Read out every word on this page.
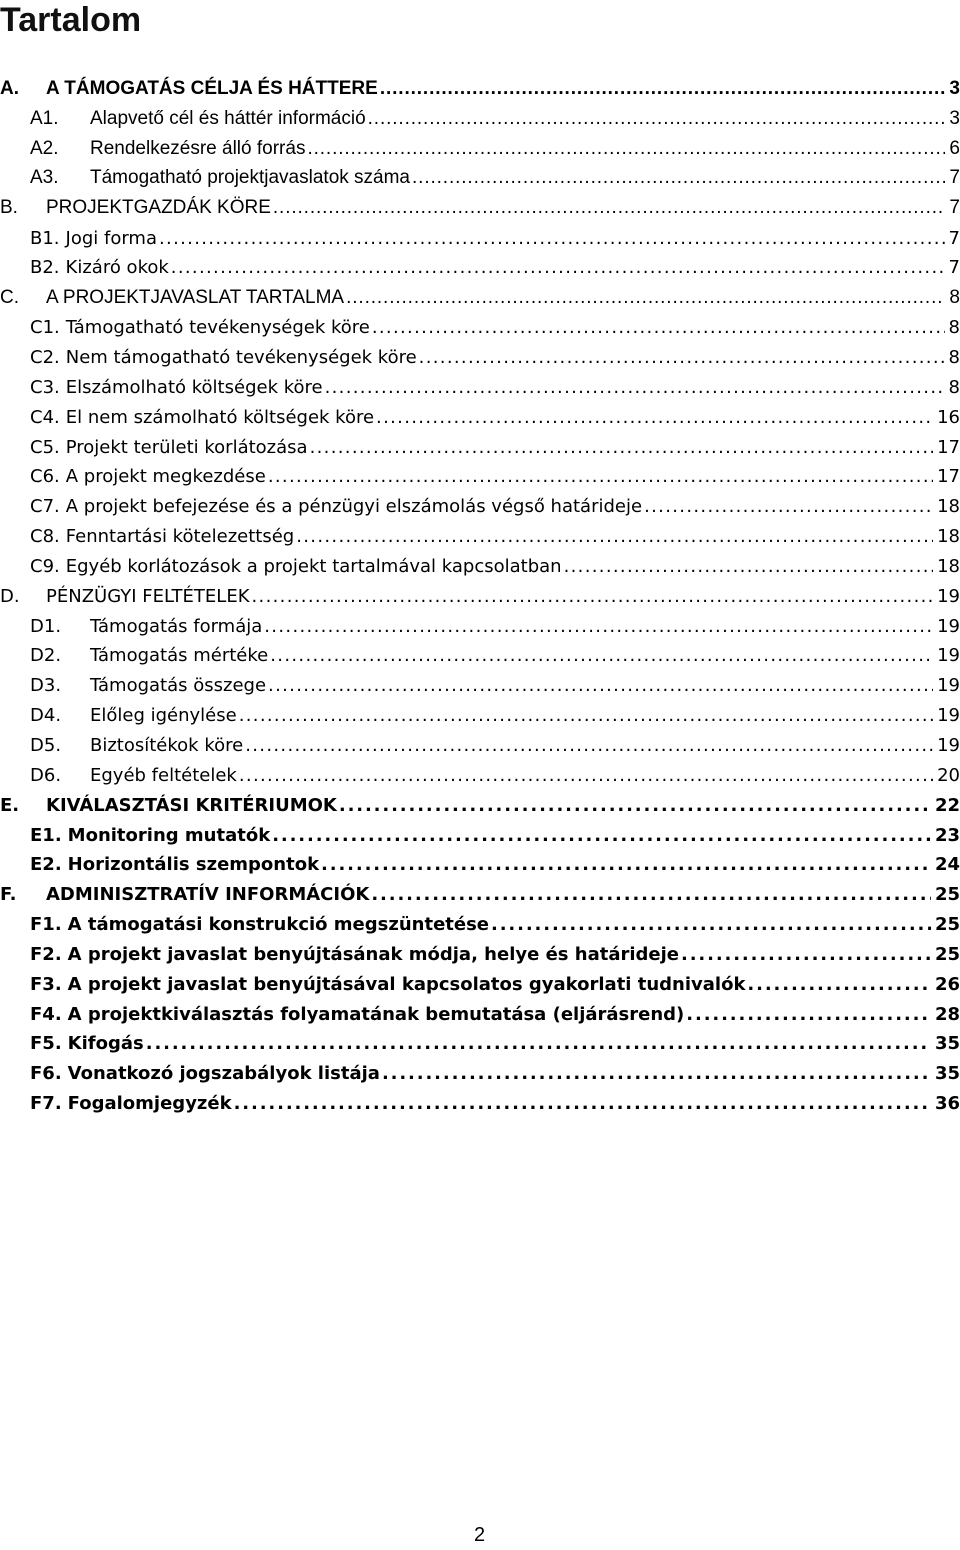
Tartalom
A.	A TÁMOGATÁS CÉLJA ÉS HÁTTERE . . .	3
A1.	Alapvető cél és háttér információ . . .	3
A2.	Rendelkezésre álló forrás . . .	6
A3.	Támogatható projektjavaslatok száma . . .	7
B.	PROJEKTGAZDÁK KÖRE . . .	7
B1. Jogi forma . . .	7
B2. Kizáró okok . . .	7
C.	A PROJEKTJAVASLAT TARTALMA . . .	8
C1. Támogatható tevékenységek köre . . .	8
C2. Nem támogatható tevékenységek köre . . .	8
C3. Elszámolható költségek köre . . .	8
C4. El nem számolható költségek köre . . .	16
C5. Projekt területi korlátozása . . .	17
C6. A projekt megkezdése . . .	17
C7. A projekt befejezése és a pénzügyi elszámolás végső határideje . . .	18
C8. Fenntartási kötelezettség . . .	18
C9. Egyéb korlátozások a projekt tartalmával kapcsolatban . . .	18
D.	PÉNZÜGYI FELTÉTELEK . . .	19
D1.	Támogatás formája . . .	19
D2.	Támogatás mértéke . . .	19
D3.	Támogatás összege . . .	19
D4.	Előleg igénylése . . .	19
D5.	Biztosítékok köre . . .	19
D6.	Egyéb feltételek . . .	20
E.	KIVÁLASZTÁSI KRITÉRIUMOK . . .	22
E1. Monitoring mutatók . . .	23
E2. Horizontális szempontok . . .	24
F.	ADMINISZTRATÍV INFORMÁCIÓK . . .	25
F1. A támogatási konstrukció megszüntetése . . .	25
F2. A projekt javaslat benyújtásának módja, helye és határideje . . .	25
F3. A projekt javaslat benyújtásával kapcsolatos gyakorlati tudnivalók . . .	26
F4. A projektkiválasztás folyamatának bemutatása (eljárásrend) . . .	28
F5. Kifogás . . .	35
F6. Vonatkozó jogszabályok listája . . .	35
F7. Fogalomjegyzék . . .	36
2
